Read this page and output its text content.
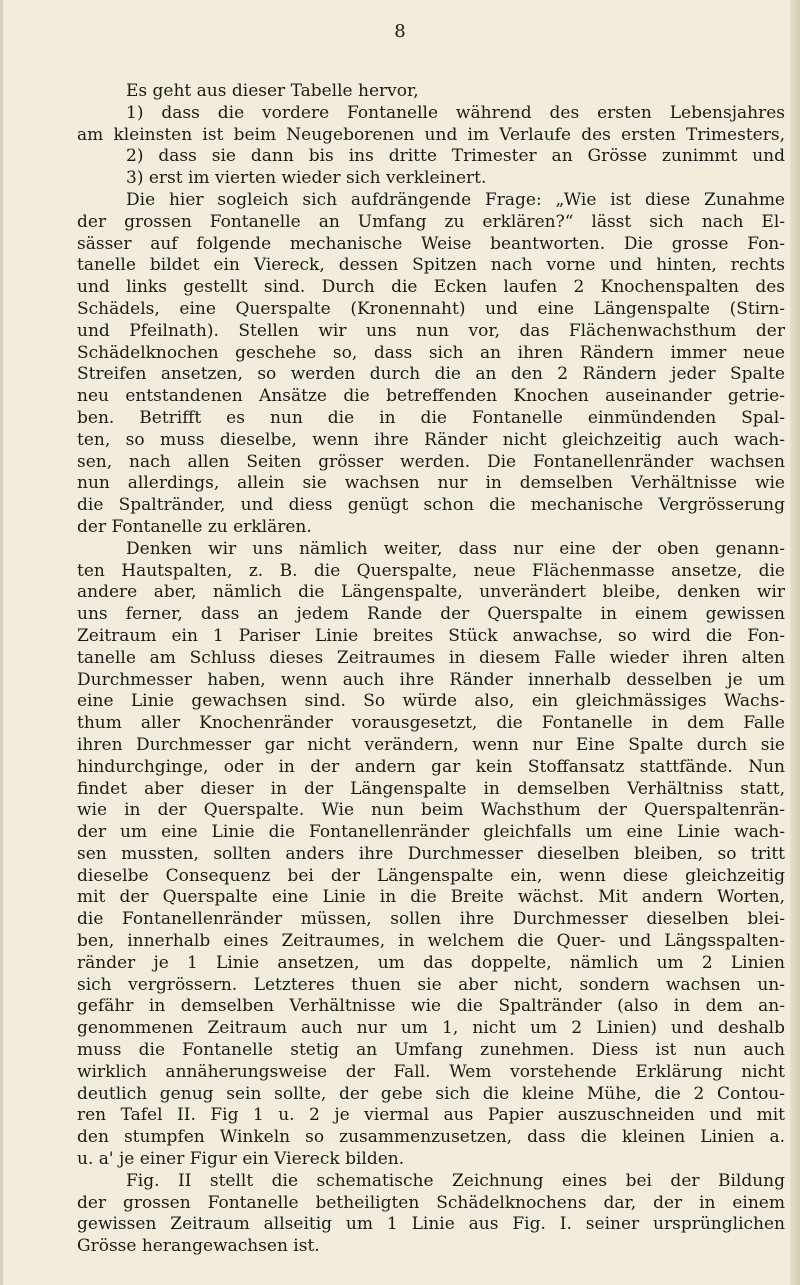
8
Es geht aus dieser Tabelle hervor,
1) dass die vordere Fontanelle während des ersten Lebensjahres
am kleinsten ist beim Neugeborenen und im Verlaufe des ersten Trimesters,
2) dass sie dann bis ins dritte Trimester an Grösse zunimmt und
3) erst im vierten wieder sich verkleinert.
Die hier sogleich sich aufdrängende Frage: „Wie ist diese Zunahme
der grossen Fontanelle an Umfang zu erklären?“ lässt sich nach El-
sässer auf folgende mechanische Weise beantworten. Die grosse Fon-
tanelle bildet ein Viereck, dessen Spitzen nach vorne und hinten, rechts
und links gestellt sind. Durch die Ecken laufen 2 Knochenspalten des
Schädels, eine Querspalte (Kronennaht) und eine Längenspalte (Stirn-
und Pfeilnath). Stellen wir uns nun vor, das Flächenwachsthum der
Schädelknochen geschehe so, dass sich an ihren Rändern immer neue
Streifen ansetzen, so werden durch die an den 2 Rändern jeder Spalte
neu entstandenen Ansätze die betreffenden Knochen auseinander getrie-
ben. Betrifft es nun die in die Fontanelle einmündenden Spal-
ten, so muss dieselbe, wenn ihre Ränder nicht gleichzeitig auch wach-
sen, nach allen Seiten grösser werden. Die Fontanellenränder wachsen
nun allerdings, allein sie wachsen nur in demselben Verhältnisse wie
die Spaltränder, und diess genügt schon die mechanische Vergrösserung
der Fontanelle zu erklären.
Denken wir uns nämlich weiter, dass nur eine der oben genann-
ten Hautspalten, z. B. die Querspalte, neue Flächenmasse ansetze, die
andere aber, nämlich die Längenspalte, unverändert bleibe, denken wir
uns ferner, dass an jedem Rande der Querspalte in einem gewissen
Zeitraum ein 1 Pariser Linie breites Stück anwachse, so wird die Fon-
tanelle am Schluss dieses Zeitraumes in diesem Falle wieder ihren alten
Durchmesser haben, wenn auch ihre Ränder innerhalb desselben je um
eine Linie gewachsen sind. So würde also, ein gleichmässiges Wachs-
thum aller Knochenränder vorausgesetzt, die Fontanelle in dem Falle
ihren Durchmesser gar nicht verändern, wenn nur Eine Spalte durch sie
hindurchginge, oder in der andern gar kein Stoffansatz stattfände. Nun
findet aber dieser in der Längenspalte in demselben Verhältniss statt,
wie in der Querspalte. Wie nun beim Wachsthum der Querspaltenrän-
der um eine Linie die Fontanellenränder gleichfalls um eine Linie wach-
sen mussten, sollten anders ihre Durchmesser dieselben bleiben, so tritt
dieselbe Consequenz bei der Längenspalte ein, wenn diese gleichzeitig
mit der Querspalte eine Linie in die Breite wächst. Mit andern Worten,
die Fontanellenränder müssen, sollen ihre Durchmesser dieselben blei-
ben, innerhalb eines Zeitraumes, in welchem die Quer- und Längsspalten-
ränder je 1 Linie ansetzen, um das doppelte, nämlich um 2 Linien
sich vergrössern. Letzteres thuen sie aber nicht, sondern wachsen un-
gefähr in demselben Verhältnisse wie die Spaltränder (also in dem an-
genommenen Zeitraum auch nur um 1, nicht um 2 Linien) und deshalb
muss die Fontanelle stetig an Umfang zunehmen. Diess ist nun auch
wirklich annäherungsweise der Fall. Wem vorstehende Erklärung nicht
deutlich genug sein sollte, der gebe sich die kleine Mühe, die 2 Contou-
ren Tafel II. Fig 1 u. 2 je viermal aus Papier auszuschneiden und mit
den stumpfen Winkeln so zusammenzusetzen, dass die kleinen Linien a.
u. a' je einer Figur ein Viereck bilden.
Fig. II stellt die schematische Zeichnung eines bei der Bildung
der grossen Fontanelle betheiligten Schädelknochens dar, der in einem
gewissen Zeitraum allseitig um 1 Linie aus Fig. I. seiner ursprünglichen
Grösse herangewachsen ist.
